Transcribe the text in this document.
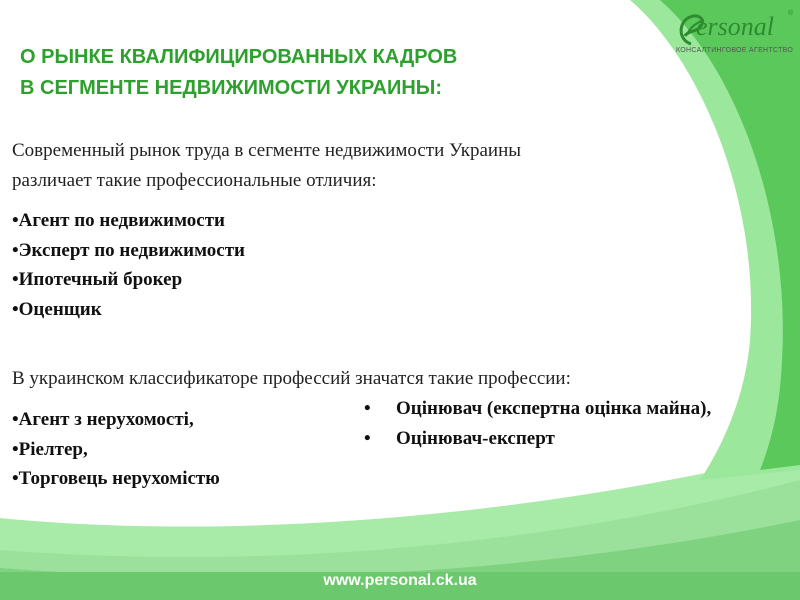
О РЫНКЕ КВАЛИФИЦИРОВАННЫХ КАДРОВ
В СЕГМЕНТЕ НЕДВИЖИМОСТИ УКРАИНЫ:
ersonal ®
КОНСАЛТИНГОВОЕ АГЕНТСТВО

Современный рынок труда в сегменте недвижимости Украины
различает такие профессиональные отличия:

• Агент по недвижимости
• Эксперт по недвижимости
• Ипотечный брокер
• Оценщик

В украинском классификаторе профессий значатся такие профессии:

• Агент з нерухомості,
• Ріелтер,
• Торговець нерухомістю
• Оцінювач (експертна оцінка майна),
• Оцінювач-експерт
www.personal.ck.ua
